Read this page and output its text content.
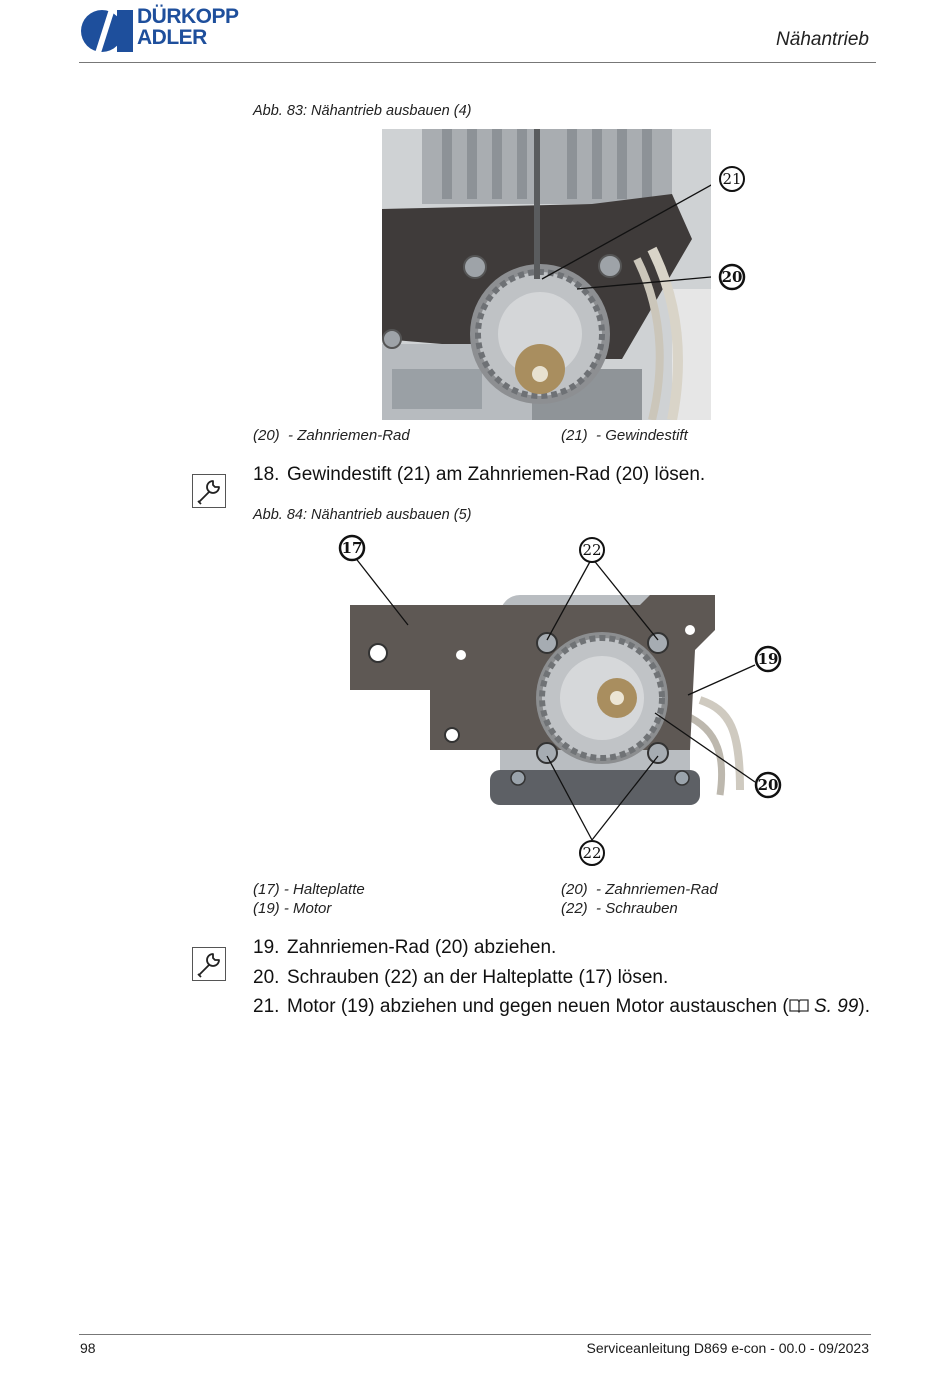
DÜRKOPP
ADLER	Nähantrieb
Abb. 83: Nähantrieb ausbauen (4)
21
20
(20) - Zahnriemen-Rad	(21) - Gewindestift
18. Gewindestift (21) am Zahnriemen-Rad (20) lösen.
Abb. 84: Nähantrieb ausbauen (5)
17	22
19
20
22
(17) - Halteplatte	(20) - Zahnriemen-Rad
(19) - Motor	(22) - Schrauben
19. Zahnriemen-Rad (20) abziehen.
20. Schrauben (22) an der Halteplatte (17) lösen.
21. Motor (19) abziehen und gegen neuen Motor austauschen ( S. 99).
98	Serviceanleitung D869 e-con - 00.0 - 09/2023
